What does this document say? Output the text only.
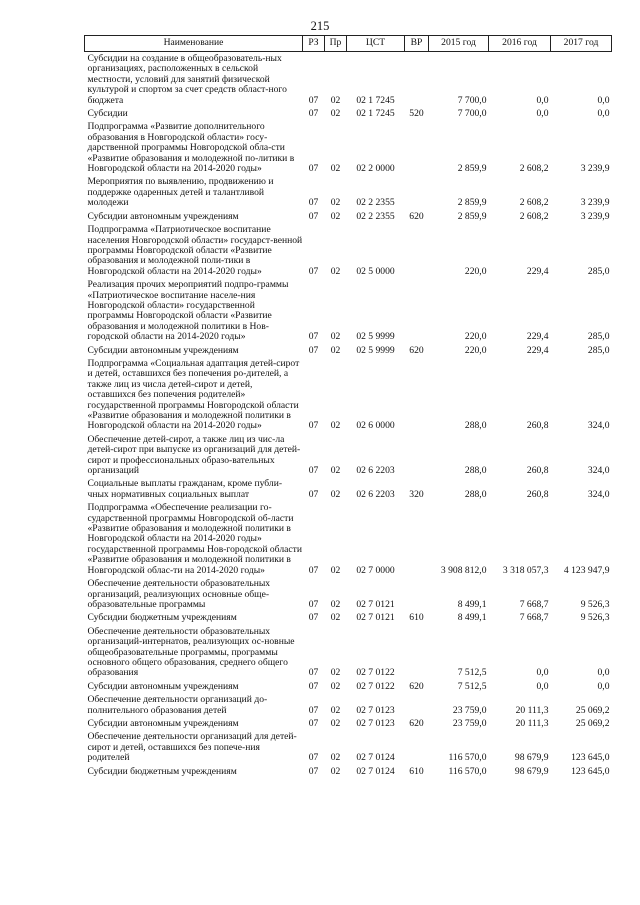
215
Наименование	РЗ	Пр	ЦСТ	ВР	2015 год	2016 год	2017 год
Субсидии на создание в общеобразователь-ных организациях, расположенных в сельской местности, условий для занятий физической культурой и спортом за счет средств област-ного бюджета	07	02	02 1 7245		7 700,0	0,0	0,0
Субсидии	07	02	02 1 7245	520	7 700,0	0,0	0,0
Подпрограмма «Развитие дополнительного образования в Новгородской области» госу-дарственной программы Новгородской обла-сти «Развитие образования и молодежной по-литики в Новгородской области на 2014-2020 годы»	07	02	02 2 0000		2 859,9	2 608,2	3 239,9
Мероприятия по выявлению, продвижению и поддержке одаренных детей и талантливой молодежи	07	02	02 2 2355		2 859,9	2 608,2	3 239,9
Субсидии автономным учреждениям	07	02	02 2 2355	620	2 859,9	2 608,2	3 239,9
Подпрограмма «Патриотическое воспитание населения Новгородской области» государст-венной программы Новгородской области «Развитие образования и молодежной поли-тики в Новгородской области на 2014-2020 годы»	07	02	02 5 0000		220,0	229,4	285,0
Реализация прочих мероприятий подпро-граммы «Патриотическое воспитание населе-ния Новгородской области» государственной программы Новгородской области «Развитие образования и молодежной политики в Нов-городской области на 2014-2020 годы»	07	02	02 5 9999		220,0	229,4	285,0
Субсидии автономным учреждениям	07	02	02 5 9999	620	220,0	229,4	285,0
Подпрограмма «Социальная адаптация детей-сирот и детей, оставшихся без попечения ро-дителей, а также лиц из числа детей-сирот и детей, оставшихся без попечения родителей» государственной программы Новгородской области «Развитие образования и молодежной политики в Новгородской области на 2014-2020 годы»	07	02	02 6 0000		288,0	260,8	324,0
Обеспечение детей-сирот, а также лиц из чис-ла детей-сирот при выпуске из организаций для детей-сирот и профессиональных образо-вательных организаций	07	02	02 6 2203		288,0	260,8	324,0
Социальные выплаты гражданам, кроме публи-чных нормативных социальных выплат	07	02	02 6 2203	320	288,0	260,8	324,0
Подпрограмма «Обеспечение реализации го-сударственной программы Новгородской об-ласти «Развитие образования и молодежной политики в Новгородской области на 2014-2020 годы» государственной программы Нов-городской области «Развитие образования и молодежной политики в Новгородской облас-ти на 2014-2020 годы»	07	02	02 7 0000		3 908 812,0	3 318 057,3	4 123 947,9
Обеспечение деятельности образовательных организаций, реализующих основные обще-образовательные программы	07	02	02 7 0121		8 499,1	7 668,7	9 526,3
Субсидии бюджетным учреждениям	07	02	02 7 0121	610	8 499,1	7 668,7	9 526,3
Обеспечение деятельности образовательных организаций-интернатов, реализующих ос-новные общеобразовательные программы, программы основного общего образования, среднего общего образования	07	02	02 7 0122		7 512,5	0,0	0,0
Субсидии автономным учреждениям	07	02	02 7 0122	620	7 512,5	0,0	0,0
Обеспечение деятельности организаций до-полнительного образования детей	07	02	02 7 0123		23 759,0	20 111,3	25 069,2
Субсидии автономным учреждениям	07	02	02 7 0123	620	23 759,0	20 111,3	25 069,2
Обеспечение деятельности организаций для детей-сирот и детей, оставшихся без попече-ния родителей	07	02	02 7 0124		116 570,0	98 679,9	123 645,0
Субсидии бюджетным учреждениям	07	02	02 7 0124	610	116 570,0	98 679,9	123 645,0
